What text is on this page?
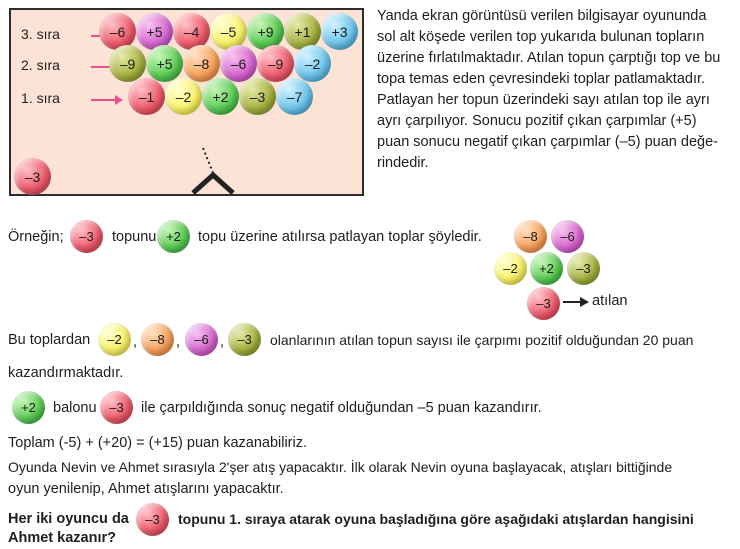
3. sıra
2. sıra
1. sıra
–6	+5	–4	–5	+9	+1	+3
–9	+5	–8	–6	–9	–2
–1	–2	+2	–3	–7
–3
Yanda ekran görüntüsü verilen bilgisayar oyununda
sol alt köşede verilen top yukarıda bulunan topların
üzerine fırlatılmaktadır. Atılan topun çarptığı top ve bu
topa temas eden çevresindeki toplar patlamaktadır.
Patlayan her topun üzerindeki sayı atılan top ile ayrı
ayrı çarpılıyor. Sonucu pozitif çıkan çarpımlar (+5)
puan sonucu negatif çıkan çarpımlar (–5) puan değe-
rindedir.
Örneğin;	–3	topunu +2	topu üzerine atılırsa patlayan toplar şöyledir.	–8	–6
–2	+2	–3
–3	atılan
Bu toplardan	–2 ,	–8 ,	–6 ,	–3	olanlarının atılan topun sayısı ile çarpımı pozitif olduğundan 20 puan
kazandırmaktadır.
+2	balonu –3	ile çarpıldığında sonuç negatif olduğundan –5 puan kazandırır.
Toplam (-5) + (+20) = (+15) puan kazanabiliriz.
Oyunda Nevin ve Ahmet sırasıyla 2'şer atış yapacaktır. İlk olarak Nevin oyuna başlayacak, atışları bittiğinde
oyun yenilenip, Ahmet atışlarını yapacaktır.
Her iki oyuncu da	–3	topunu 1. sıraya atarak oyuna başladığına göre aşağıdaki atışlardan hangisini
Ahmet kazanır?
